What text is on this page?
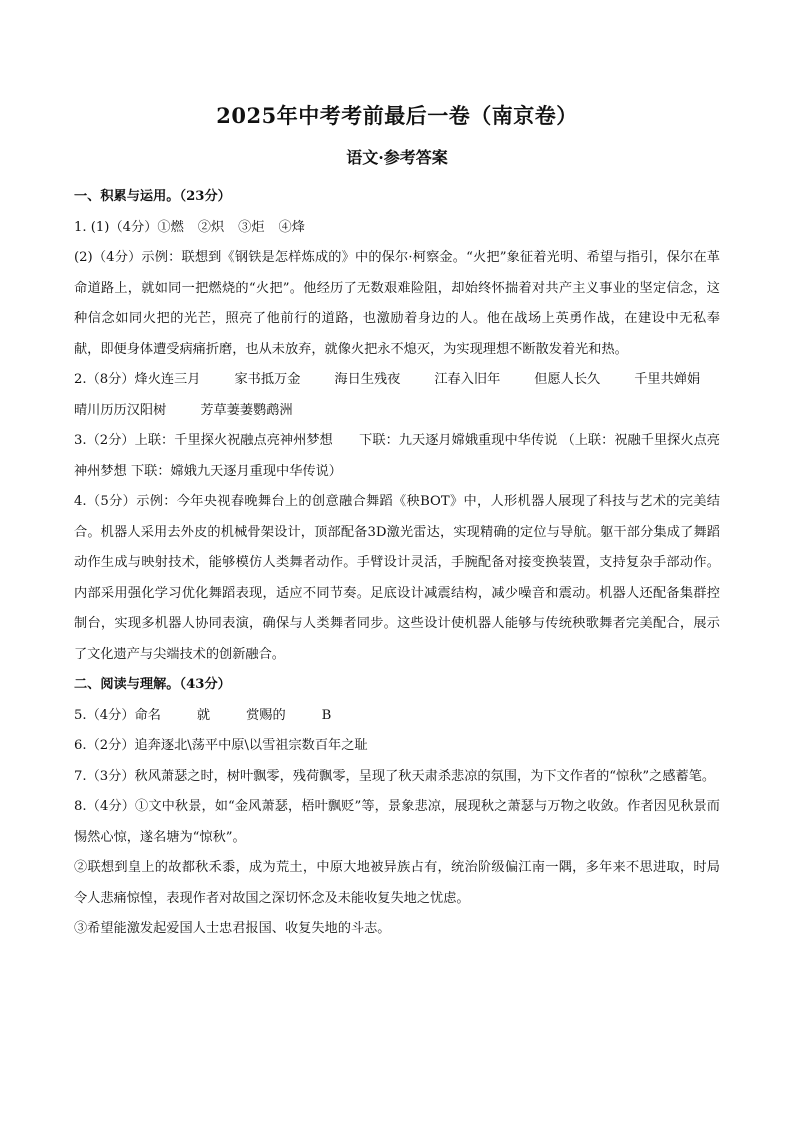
2025年中考考前最后一卷（南京卷）
语文·参考答案

一、积累与运用。（23分）

1. (1)（4分）①燃 ②炽 ③炬 ④烽

(2)（4分）示例：联想到《钢铁是怎样炼成的》中的保尔·柯察金。“火把”象征着光明、希望与指引，保尔在革命道路上，就如同一把燃烧的“火把”。他经历了无数艰难险阻，却始终怀揣着对共产主义事业的坚定信念，这种信念如同火把的光芒，照亮了他前行的道路，也激励着身边的人。他在战场上英勇作战，在建设中无私奉献，即便身体遭受病痛折磨，也从未放弃，就像火把永不熄灭，为实现理想不断散发着光和热。

2.（8分）烽火连三月	家书抵万金	海日生残夜	江春入旧年	但愿人长久	千里共婵娟
晴川历历汉阳树	芳草萋萋鹦鹉洲

3.（2分）上联：千里探火祝融点亮神州梦想　　下联：九天逐月嫦娥重现中华传说 （上联：祝融千里探火点亮神州梦想 下联：嫦娥九天逐月重现中华传说）

4.（5分）示例：今年央视春晚舞台上的创意融合舞蹈《秧BOT》中，人形机器人展现了科技与艺术的完美结合。机器人采用去外皮的机械骨架设计，顶部配备3D激光雷达，实现精确的定位与导航。躯干部分集成了舞蹈动作生成与映射技术，能够模仿人类舞者动作。手臂设计灵活，手腕配备对接变换装置，支持复杂手部动作。内部采用强化学习优化舞蹈表现，适应不同节奏。足底设计减震结构，减少噪音和震动。机器人还配备集群控制台，实现多机器人协同表演，确保与人类舞者同步。这些设计使机器人能够与传统秧歌舞者完美配合，展示了文化遗产与尖端技术的创新融合。

二、阅读与理解。（43分）

5.（4分）命名	就	赏赐的	B

6.（2分）追奔逐北\荡平中原\以雪祖宗数百年之耻

7.（3分）秋风萧瑟之时，树叶飘零，残荷飘零，呈现了秋天肃杀悲凉的氛围，为下文作者的“惊秋”之感蓄笔。

8.（4分）①文中秋景，如“金风萧瑟，梧叶飘贬”等，景象悲凉，展现秋之萧瑟与万物之收敛。作者因见秋景而惕然心惊，遂名塘为“惊秋”。

②联想到皇上的故都秋禾黍，成为荒土，中原大地被异族占有，统治阶级偏江南一隅，多年来不思进取，时局令人悲痛惊惶，表现作者对故国之深切怀念及未能收复失地之忧虑。

③希望能激发起爱国人士忠君报国、收复失地的斗志。
